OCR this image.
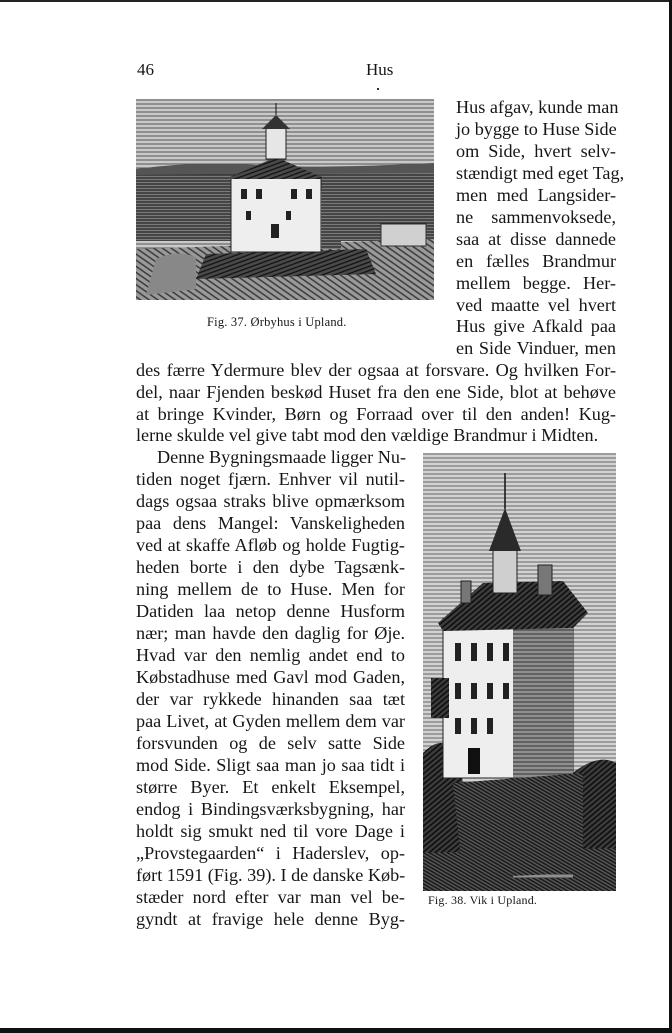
46	Hus
Fig. 37. Ørbyhus i Upland.
Fig. 38. Vik i Upland.
Hus afgav, kunde man
jo bygge to Huse Side
om Side, hvert selv-
stændigt med eget Tag,
men med Langsider-
ne sammenvoksede,
saa at disse dannede
en fælles Brandmur
mellem begge. Her-
ved maatte vel hvert
Hus give Afkald paa
en Side Vinduer, men
des færre Ydermure blev der ogsaa at forsvare. Og hvilken For-
del, naar Fjenden beskød Huset fra den ene Side, blot at behøve
at bringe Kvinder, Børn og Forraad over til den anden! Kug-
lerne skulde vel give tabt mod den vældige Brandmur i Midten.
Denne Bygningsmaade ligger Nu-
tiden noget fjærn. Enhver vil nutil-
dags ogsaa straks blive opmærksom
paa dens Mangel: Vanskeligheden
ved at skaffe Afløb og holde Fugtig-
heden borte i den dybe Tagsænk-
ning mellem de to Huse. Men for
Datiden laa netop denne Husform
nær; man havde den daglig for Øje.
Hvad var den nemlig andet end to
Købstadhuse med Gavl mod Gaden,
der var rykkede hinanden saa tæt
paa Livet, at Gyden mellem dem var
forsvunden og de selv satte Side
mod Side. Sligt saa man jo saa tidt i
større Byer. Et enkelt Eksempel,
endog i Bindingsværksbygning, har
holdt sig smukt ned til vore Dage i
„Provstegaarden“ i Haderslev, op-
ført 1591 (Fig. 39). I de danske Køb-
stæder nord efter var man vel be-
gyndt at fravige hele denne Byg-
